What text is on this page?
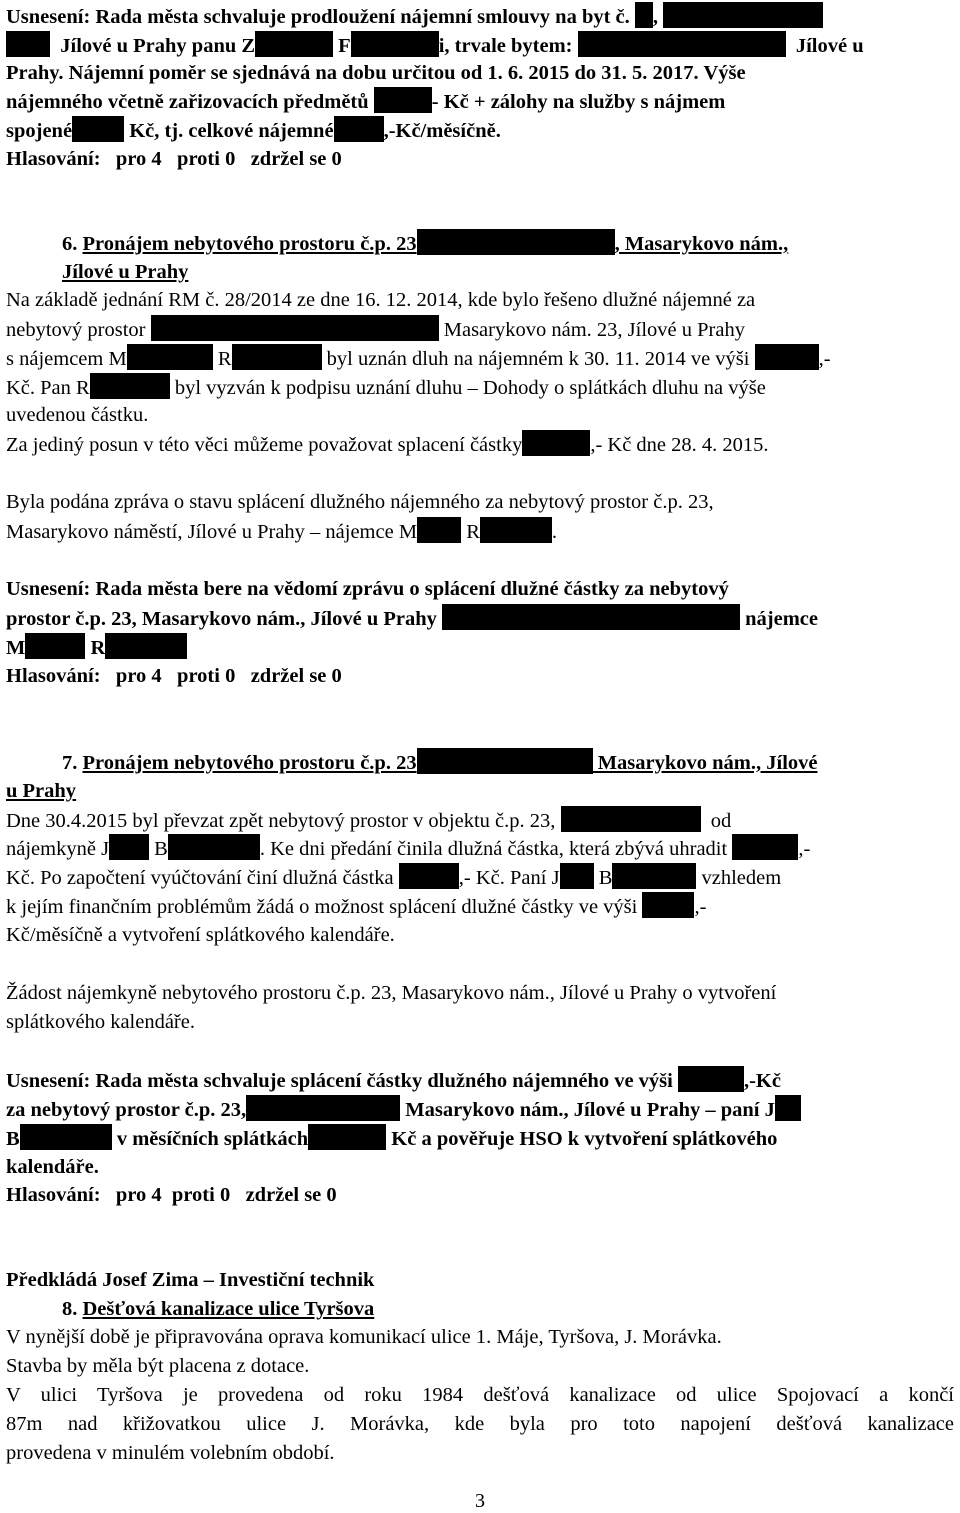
Usnesení: Rada města schvaluje prodloužení nájemní smlouvy na byt č. ,
Jílové u Prahy panu Z	F	i, trvale bytem:	Jílové u
Prahy. Nájemní poměr se sjednává na dobu určitou od 1. 6. 2015 do 31. 5. 2017. Výše
nájemného včetně zařizovacích předmětů	- Kč + zálohy na služby s nájmem
spojené	Kč, tj. celkové nájemné ,-Kč/měsíčně.
Hlasování:   pro 4   proti 0   zdržel se 0
6. Pronájem nebytového prostoru č.p. 23	, Masarykovo nám.,
Jílové u Prahy
Na základě jednání RM č. 28/2014 ze dne 16. 12. 2014, kde bylo řešeno dlužné nájemné za
nebytový prostor	Masarykovo nám. 23, Jílové u Prahy
s nájemcem M	R	byl uznán dluh na nájemném k 30. 11. 2014 ve výši	,-
Kč. Pan R	byl vyzván k podpisu uznání dluhu – Dohody o splátkách dluhu na výše
uvedenou částku.
Za jediný posun v této věci můžeme považovat splacení částky	,- Kč dne 28. 4. 2015.
Byla podána zpráva o stavu splácení dlužného nájemného za nebytový prostor č.p. 23,
Masarykovo náměstí, Jílové u Prahy – nájemce M R	.
Usnesení: Rada města bere na vědomí zprávu o splácení dlužné částky za nebytový
prostor č.p. 23, Masarykovo nám., Jílové u Prahy	nájemce
M	R
Hlasování:   pro 4   proti 0   zdržel se 0
7. Pronájem nebytového prostoru č.p. 23	Masarykovo nám., Jílové
u Prahy
Dne 30.4.2015 byl převzat zpět nebytový prostor v objektu č.p. 23,	od
nájemkyně J B	. Ke dni předání činila dlužná částka, která zbývá uhradit	,-
Kč. Po započtení vyúčtování činí dlužná částka	,- Kč. Paní J B	vzhledem
k jejím finančním problémům žádá o možnost splácení dlužné částky ve výši	,-
Kč/měsíčně a vytvoření splátkového kalendáře.
Žádost nájemkyně nebytového prostoru č.p. 23, Masarykovo nám., Jílové u Prahy o vytvoření
splátkového kalendáře.
Usnesení: Rada města schvaluje splácení částky dlužného nájemného ve výši	,-Kč
za nebytový prostor č.p. 23,	Masarykovo nám., Jílové u Prahy – paní J
B	v měsíčních splátkách	Kč a pověřuje HSO k vytvoření splátkového
kalendáře.
Hlasování:   pro 4  proti 0   zdržel se 0
Předkládá Josef Zima – Investiční technik
8. Dešťová kanalizace ulice Tyršova
V nynější době je připravována oprava komunikací ulice 1. Máje, Tyršova, J. Morávka.
Stavba by měla být placena z dotace.
V ulici Tyršova je provedena od roku 1984 dešťová kanalizace od ulice Spojovací a končí
87m nad křižovatkou ulice J. Morávka, kde byla pro toto napojení dešťová kanalizace
provedena v minulém volebním období.
3
